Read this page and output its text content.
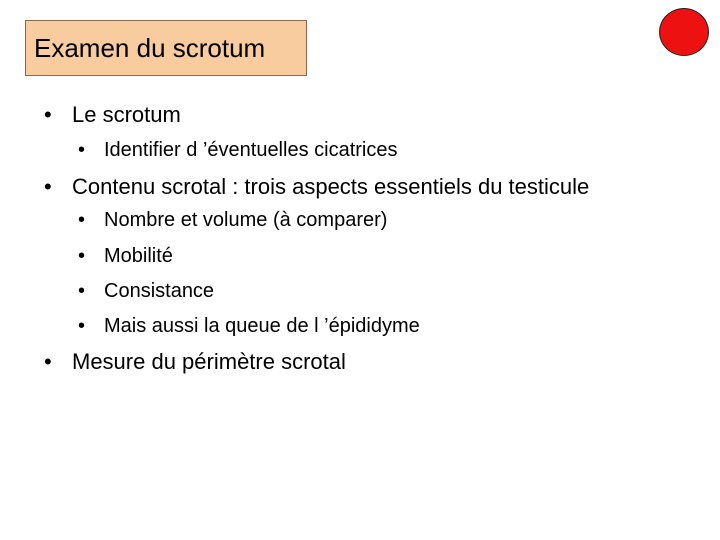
Examen du scrotum
• Le scrotum
• Identifier d ’éventuelles cicatrices
• Contenu scrotal : trois aspects essentiels du testicule
• Nombre et volume (à comparer)
• Mobilité
• Consistance
• Mais aussi la queue de l ’épididyme
• Mesure du périmètre scrotal
